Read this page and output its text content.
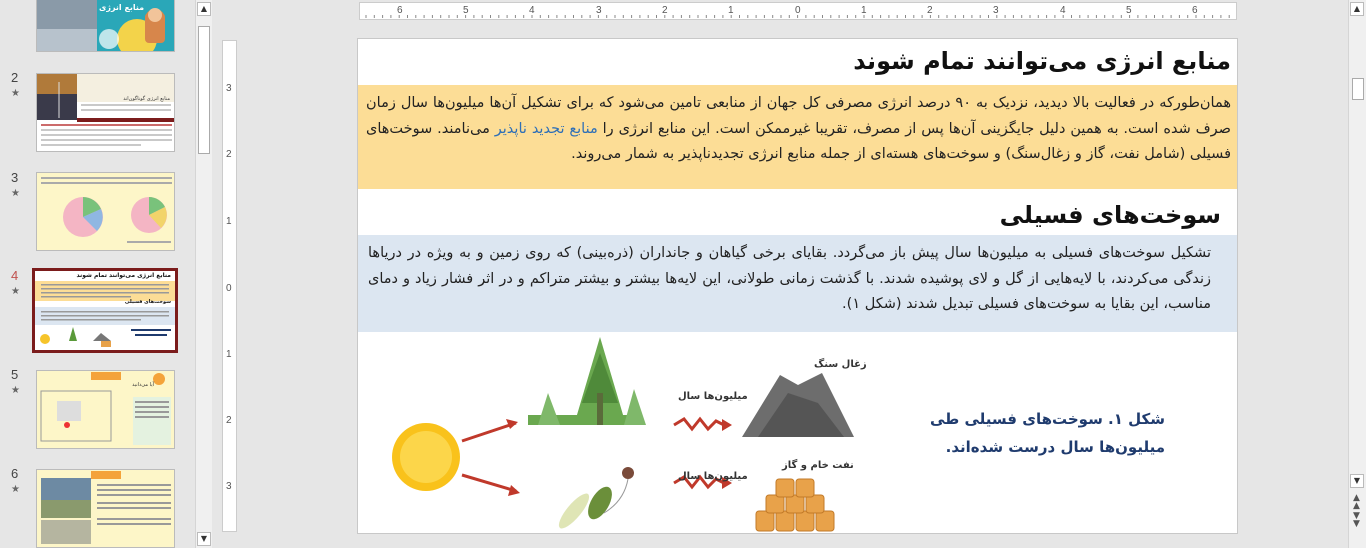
منابع انرژی
2
★	منابع انرژی گوناگون‌اند
3
★
4
★
منابع انرژی می‌توانند تمام شوند
سوخت‌های فسیلی
5
★	آیا می‌دانید
6
★
▲
▼
6	5	4	3	2	1	0	1	2	3	4	5	6
3
2
1
0
1
2
3
منابع انرژی می‌توانند تمام شوند
همان‌طورکه در فعالیت بالا دیدید، نزدیک به ۹۰ درصد انرژی مصرفی کل جهان از منابعی تامین می‌شود که برای تشکیل آن‌ها میلیون‌ها سال زمان صرف شده است. به همین دلیل جایگزینی آن‌ها پس از مصرف، تقریبا غیرممکن است. این منابع انرژی را منابع تجدید ناپذیر می‌نامند. سوخت‌های فسیلی (شامل نفت، گاز و زغال‌سنگ) و سوخت‌های هسته‌ای از جمله منابع انرژی تجدیدناپذیر به شمار می‌روند.
سوخت‌های فسیلی
تشکیل سوخت‌های فسیلی به میلیون‌ها سال پیش باز می‌گردد. بقایای برخی گیاهان و جانداران (ذره‌بینی) که روی زمین و به ویژه در دریاها زندگی می‌کردند، با لایه‌هایی از گل و لای پوشیده شدند. با گذشت زمانی طولانی، این لایه‌ها بیشتر و بیشتر متراکم و در اثر فشار زیاد و دمای مناسب، این بقایا به سوخت‌های فسیلی تبدیل شدند (شکل ۱).
زغال سنگ
نفت خام و گاز
میلیون‌ها سال
میلیون‌ها سال
شکل ۱. سوخت‌های فسیلی طی میلیون‌ها سال درست شده‌اند.
▲
▼
▲
▲
▼
▼
